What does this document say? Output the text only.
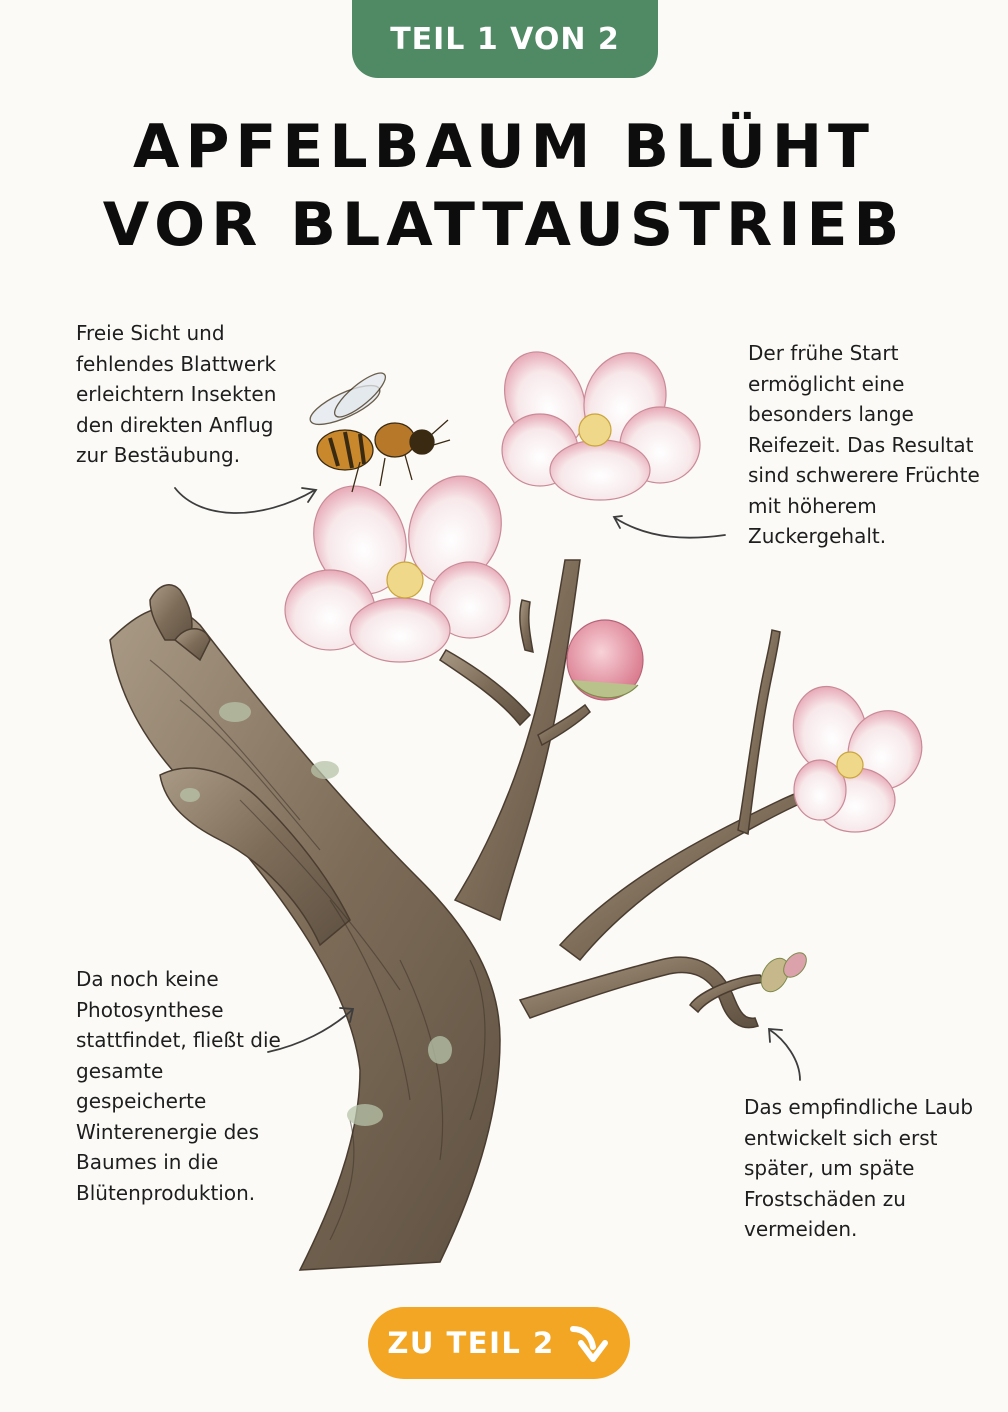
TEIL 1 VON 2
APFELBAUM BLÜHT
VOR BLATTAUSTRIEB
Freie Sicht und fehlendes Blattwerk erleichtern Insekten den direkten Anflug zur Bestäubung.
Der frühe Start ermöglicht eine besonders lange Reifezeit. Das Resultat sind schwerere Früchte mit höherem Zuckergehalt.
Da noch keine Photosynthese stattfindet, fließt die gesamte gespeicherte Winterenergie des Baumes in die Blütenproduktion.
Das empfindliche Laub entwickelt sich erst später, um späte Frostschäden zu vermeiden.
ZU TEIL 2
